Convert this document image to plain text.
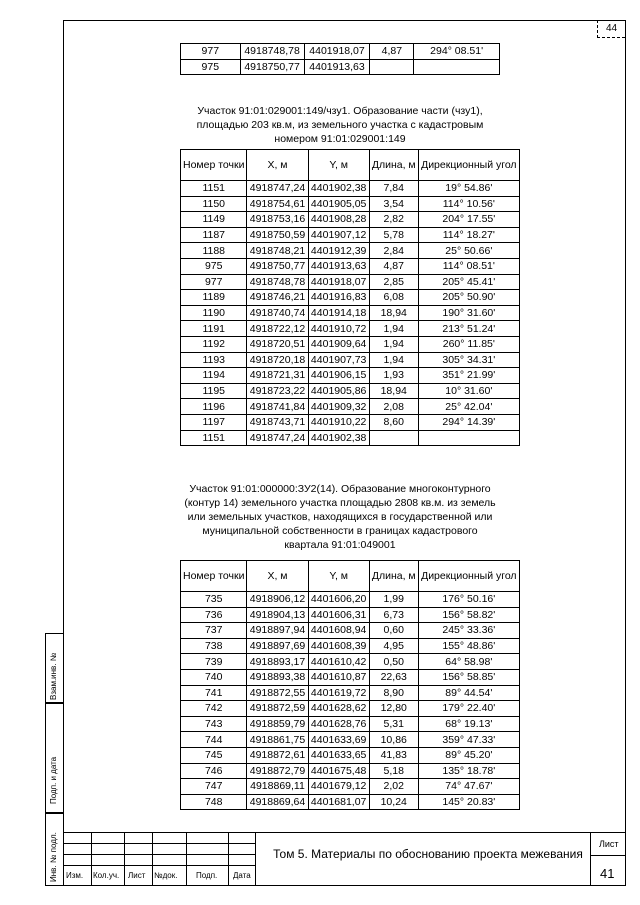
44
977	4918748,78	4401918,07	4,87	294° 08.51'
975	4918750,77	4401913,63		
Участок 91:01:029001:149/чзу1. Образование части (чзу1),
площадью 203 кв.м, из земельного участка с кадастровым
номером 91:01:029001:149
Номер точки	X, м	Y, м	Длина, м	Дирекционный угол
1151	4918747,24	4401902,38	7,84	19° 54.86'
1150	4918754,61	4401905,05	3,54	114° 10.56'
1149	4918753,16	4401908,28	2,82	204° 17.55'
1187	4918750,59	4401907,12	5,78	114° 18.27'
1188	4918748,21	4401912,39	2,84	25° 50.66'
975	4918750,77	4401913,63	4,87	114° 08.51'
977	4918748,78	4401918,07	2,85	205° 45.41'
1189	4918746,21	4401916,83	6,08	205° 50.90'
1190	4918740,74	4401914,18	18,94	190° 31.60'
1191	4918722,12	4401910,72	1,94	213° 51.24'
1192	4918720,51	4401909,64	1,94	260° 11.85'
1193	4918720,18	4401907,73	1,94	305° 34.31'
1194	4918721,31	4401906,15	1,93	351° 21.99'
1195	4918723,22	4401905,86	18,94	10° 31.60'
1196	4918741,84	4401909,32	2,08	25° 42.04'
1197	4918743,71	4401910,22	8,60	294° 14.39'
1151	4918747,24	4401902,38		
Участок 91:01:000000:ЗУ2(14). Образование многоконтурного
(контур 14) земельного участка площадью 2808 кв.м. из земель
или земельных участков, находящихся в государственной или
муниципальной собственности в границах кадастрового
квартала 91:01:049001
Номер точки	X, м	Y, м	Длина, м	Дирекционный угол
735	4918906,12	4401606,20	1,99	176° 50.16'
736	4918904,13	4401606,31	6,73	156° 58.82'
737	4918897,94	4401608,94	0,60	245° 33.36'
738	4918897,69	4401608,39	4,95	155° 48.86'
739	4918893,17	4401610,42	0,50	64° 58.98'
740	4918893,38	4401610,87	22,63	156° 58.85'
741	4918872,55	4401619,72	8,90	89° 44.54'
742	4918872,59	4401628,62	12,80	179° 22.40'
743	4918859,79	4401628,76	5,31	68° 19.13'
744	4918861,75	4401633,69	10,86	359° 47.33'
745	4918872,61	4401633,65	41,83	89° 45.20'
746	4918872,79	4401675,48	5,18	135° 18.78'
747	4918869,11	4401679,12	2,02	74° 47.67'
748	4918869,64	4401681,07	10,24	145° 20.83'
Взам.инв. №
Подп. и дата
Инв. № подл. Изм. Кол.уч. Лист №док. Подп. Дата
Том 5. Материалы по обоснованию проекта межевания
Лист
41
